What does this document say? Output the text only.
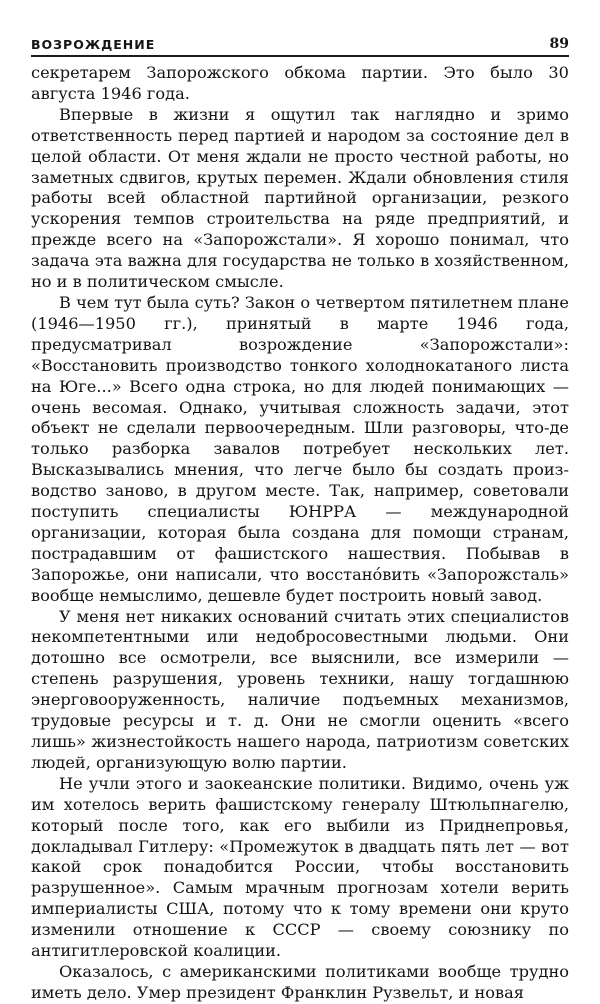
ВОЗРОЖДЕНИЕ	89

секретарем Запорожского обкома партии. Это было 30 августа 1946 года.

Впервые в жизни я ощутил так наглядно и зримо ответственность перед партией и народом за состояние дел в целой области. От меня ждали не просто честной работы, но заметных сдвигов, крутых перемен. Ждали обновления стиля работы всей областной партийной организации, резкого ускорения темпов строительства на ряде предприятий, и прежде всего на «Запорожстали». Я хорошо понимал, что задача эта важна для государства не только в хозяйственном, но и в политическом смысле.

В чем тут была суть? Закон о четвертом пятилетнем плане (1946—1950 гг.), принятый в марте 1946 года, предусматривал возрождение «Запорожстали»: «Восстановить производство тонкого холоднокатаного листа на Юге...» Всего одна строка, но для людей понимающих — очень весомая. Однако, учитывая сложность задачи, этот объект не сделали первоочередным. Шли разговоры, что-де только разборка завалов потребует нескольких лет. Высказывались мнения, что легче было бы создать производство заново, в другом месте. Так, например, советовали поступить специалисты ЮНРРА — международной организации, которая была создана для помощи странам, пострадавшим от фашистского нашествия. Побывав в Запорожье, они написали, что восстано́вить «Запорожсталь» вообще немыслимо, дешевле будет построить новый завод.

У меня нет никаких оснований считать этих специалистов некомпетентными или недобросовестными людьми. Они дотошно все осмотрели, все выяснили, все измерили — степень разрушения, уровень техники, нашу тогдашнюю энерговооруженность, наличие подъемных механизмов, трудовые ресурсы и т. д. Они не смогли оценить «всего лишь» жизнестойкость нашего народа, патриотизм советских людей, организующую волю партии.

Не учли этого и заокеанские политики. Видимо, очень уж им хотелось верить фашистскому генералу Штюльпнагелю, который после того, как его выбили из Приднепровья, докладывал Гитлеру: «Промежуток в двадцать пять лет — вот какой срок понадобится России, чтобы восстановить разрушенное». Самым мрачным прогнозам хотели верить империалисты США, потому что к тому времени они круто изменили отношение к СССР — своему союзнику по антигитлеровской коалиции.

Оказалось, с американскими политиками вообще трудно иметь дело. Умер президент Франклин Рузвельт, и новая
